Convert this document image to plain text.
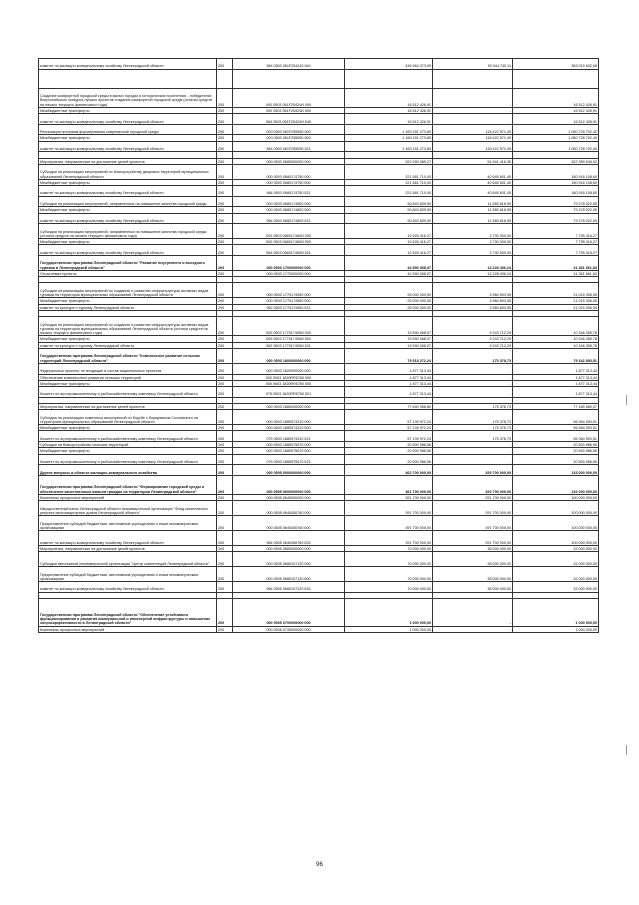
комитет по жилищно-коммунальному хозяйству Ленинградской области	200	984 0503 061F254240 540	436 964 373,09	53 944 740,11	383 019 632,98

Создание комфортной городской среды в малых городах и исторических поселениях - победителях Всероссийского конкурса лучших проектов создания комфортной городской среды (остатки средств на начало текущего финансового года)	200	000 0503 061F25424И 000	16 512 426,91	-	16 512 426,91
Межбюджетные трансферты	200	000 0503 061F25424И 500	16 512 426,91	-	16 512 426,91
комитет по жилищно-коммунальному хозяйству Ленинградской области	200	984 0503 061F25424И 540	16 512 426,91	-	16 512 426,91
Реализация программ формирования современной городской среды	200	000 0503 061F255550 000	1 169 151 273,89	118 422 571,49	1 050 728 702,40
Межбюджетные трансферты	200	000 0503 061F255550 500	1 169 151 273,89	118 422 571,49	1 050 728 702,40
комитет по жилищно-коммунальному хозяйству Ленинградской области	200	984 0503 061F255550 521	1 169 151 273,89	118 422 571,49	1 050 728 702,40

Мероприятия, направленные на достижение целей проектов	200	000 0503 0680000000 000	322 930 985,27	54 941 416,35	267 989 546,92
Субсидии на реализацию мероприятий по благоустройству дворовых территорий муниципальных образований Ленинградской области	200	000 0503 0680174750 000	221 561 710,00	40 645 601,40	180 916 108,60
Межбюджетные трансферты	200	000 0503 0680174750 500	221 561 710,00	40 645 601,40	180 916 108,60
комитет по жилищно-коммунальному хозяйству Ленинградской области	200	984 0503 0680174750 521	221 561 710,00	40 645 601,40	180 916 108,60
Субсидии на реализацию мероприятий, направленных на повышение качества городской среды	200	000 0503 0680174800 000	90 843 839,00	11 565 816,95	79 278 022,05
Межбюджетные трансферты	200	000 0503 0680174800 500	90 843 839,00	11 565 816,95	79 278 022,05
комитет по жилищно-коммунальному хозяйству Ленинградской области	200	984 0503 0680174800 521	90 843 839,00	11 565 816,95	79 278 022,05
Субсидии на реализацию мероприятий, направленных на повышение качества городской среды (остатки средств на начало текущего финансового года)	200	000 0503 068017480И 000	10 525 416,27	2 730 000,00	7 795 416,27
Межбюджетные трансферты	200	000 0503 068017480И 500	10 525 416,27	2 730 000,00	7 795 416,27
комитет по жилищно-коммунальному хозяйству Ленинградской области	200	984 0503 068017480И 521	10 525 416,27	2 730 000,00	7 795 416,27
Государственная программа Ленинградской области "Развитие внутреннего и въездного туризма в Ленинградской области"	200	000 0503 1700000000 000	44 590 068,07	13 228 406,24	31 361 661,83
Отраслевые проекты	200	000 0503 1770000000 000	44 590 068,07	13 228 406,24	31 361 661,83

Субсидии на реализацию мероприятий по созданию и развитию инфраструктуры активных видов туризма на территории муниципальных образований Ленинградской области	200	000 0503 1770174950 000	25 000 000,00	3 984 693,95	21 015 306,05
Межбюджетные трансферты	200	000 0503 1770174950 500	25 000 000,00	3 984 693,95	21 015 306,05
комитет по культуре и туризму Ленинградской области	200	962 0503 1770174950 521	25 000 000,00	3 984 693,95	21 015 306,05

Субсидии на реализацию мероприятий по созданию и развитию инфраструктуры активных видов туризма на территории муниципальных образований Ленинградской области (остатки средств на начало текущего финансового года)	200	000 0503 177017495И 000	19 590 068,07	9 243 712,29	10 346 355,78
Межбюджетные трансферты	200	000 0503 177017495И 500	19 590 068,07	9 243 712,29	10 346 355,78
комитет по культуре и туризму Ленинградской области	200	962 0503 177017495И 521	19 590 068,07	9 243 712,29	10 346 355,78
Государственная программа Ленинградской области "Комплексное развитие сельских территорий Ленинградской области"	200	000 0503 1800000000 000	79 518 272,24	175 378,73	79 342 893,51
Федеральные проекты, не входящие в состав национальных проектов	200	000 0503 1820000000 000	1 877 313,44	-	1 877 313,44
Обеспечение комплексного развития сельских территорий	200	000 0503 1820RR5760 000	1 877 313,44	-	1 877 313,44
Межбюджетные трансферты	200	000 0503 1820RR5760 500	1 877 313,44	-	1 877 313,44
Комитет по агропромышленному и рыбохозяйственному комплексу Ленинградской области	200	075 0503 1820RR5760 521	1 877 313,44	-	1 877 313,44

Мероприятия, направленные на достижение целей проектов	200	000 0503 1880000000 000	77 640 958,80	175 378,73	77 465 580,07
Субсидии на реализацию комплекса мероприятий по борьбе с борщевиком Сосновского на территориях муниципальных образований Ленинградской области	200	000 0503 1880574310 000	57 139 972,24	175 378,73	56 964 593,51
Межбюджетные трансферты	200	000 0503 1880574310 500	57 139 972,24	175 378,73	56 964 593,51
Комитет по агропромышленному и рыбохозяйственному комплексу Ленинградской области	200	075 0503 1880574310 521	57 139 972,24	175 378,73	56 964 593,51
Субсидии на благоустройство сельских территорий	200	000 0503 1880575670 000	20 500 986,56	-	20 500 986,56
Межбюджетные трансферты	200	000 0503 1880575670 500	20 500 986,56	-	20 500 986,56
Комитет по агропромышленному и рыбохозяйственному комплексу Ленинградской области	200	075 0503 1880575670 521	20 500 986,56	-	20 500 986,56
Другие вопросы в области жилищно-коммунального хозяйства	200	000 0505 0000000000 000	462 700 000,00	329 700 000,00	133 000 000,00
Государственная программа Ленинградской области "Формирование городской среды и обеспечение качественным жильем граждан на территории Ленинградской области"	200	000 0505 0600000000 000	461 700 000,00	329 700 000,00	132 000 000,00
Комплексы процессных мероприятий	200	000 0505 0640000000 000	391 700 000,00	291 700 000,00	100 000 000,00
Имущественный взнос Ленинградской области некоммерческой организации "Фонд капитального ремонта многоквартирных домов Ленинградской области"	200	000 0505 0640406760 000	391 700 000,00	291 700 000,00	100 000 000,00
Предоставление субсидий бюджетным, автономным учреждениям и иным некоммерческим организациям	200	000 0505 0640406760 600	391 700 000,00	291 700 000,00	100 000 000,00
комитет по жилищно-коммунальному хозяйству Ленинградской области	200	984 0505 0640406760 633	391 700 000,00	291 700 000,00	100 000 000,00
Мероприятия, направленные на достижение целей проектов	200	000 0505 0680000000 000	70 000 000,00	38 000 000,00	32 000 000,00
Субсидии автономной некоммерческой организации "Центр компетенций Ленинградской области"	200	000 0505 0680107120 000	70 000 000,00	38 000 000,00	32 000 000,00
Предоставление субсидий бюджетным, автономным учреждениям и иным некоммерческим организациям	200	000 0505 0680107120 600	70 000 000,00	38 000 000,00	32 000 000,00
комитет по жилищно-коммунальному хозяйству Ленинградской области	200	984 0505 0680107120 633	70 000 000,00	38 000 000,00	32 000 000,00

Государственная программа Ленинградской области "Обеспечение устойчивого функционирования и развития коммунальной и инженерной инфраструктуры и повышение энергоэффективности в Ленинградской области"	200	000 0505 0700000000 000	1 000 000,00	-	1 000 000,00
Комплексы процессных мероприятий	200	000 0505 0740000000 000	1 000 000,00	-	1 000 000,00
96
